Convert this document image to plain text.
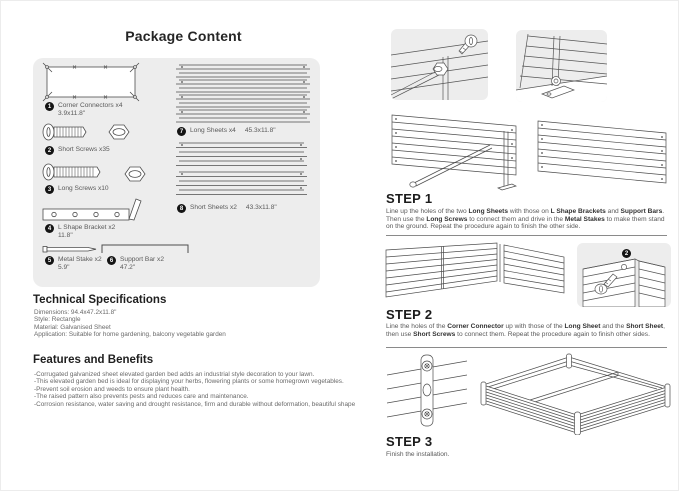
Package Content
1	Corner Connectors x4
3.9x11.8"
2	Short Screws x35
3	Long Screws x10
4	L Shape Bracket x2
11.8"
5	Metal Stake x2
5.9"
6	Support Bar x2
47.2"
7	Long Sheets x4 45.3x11.8"
8	Short Sheets x2 43.3x11.8"
Technical Specifications
Dimensions: 94.4x47.2x11.8"
Style: Rectangle
Material: Galvanised Sheet
Application: Suitable for home gardening, balcony vegetable garden
Features and Benefits
-Corrugated galvanized sheet elevated garden bed adds an industrial style decoration to your lawn.
-This elevated garden bed is ideal for displaying your herbs, flowering plants or some homegrown vegetables.
-Prevent soil erosion and weeds to ensure plant health.
-The raised pattern also prevents pests and reduces care and maintenance.
-Corrosion resistance, water saving and drought resistance, firm and durable without deformation, beautiful shape
STEP 1
Line up the holes of the two Long Sheets with those on L Shape Brackets and Support Bars. Then use the Long Screws to connect them and drive in the Metal Stakes to make them stand on the ground. Repeat the procedure again to finish the other side.
2
STEP 2
Line the holes of the Corner Connector up with those of the Long Sheet and the Short Sheet, then use Short Screws to connect them. Repeat the procedure again to finish other sides.
STEP 3
Finish the installation.
